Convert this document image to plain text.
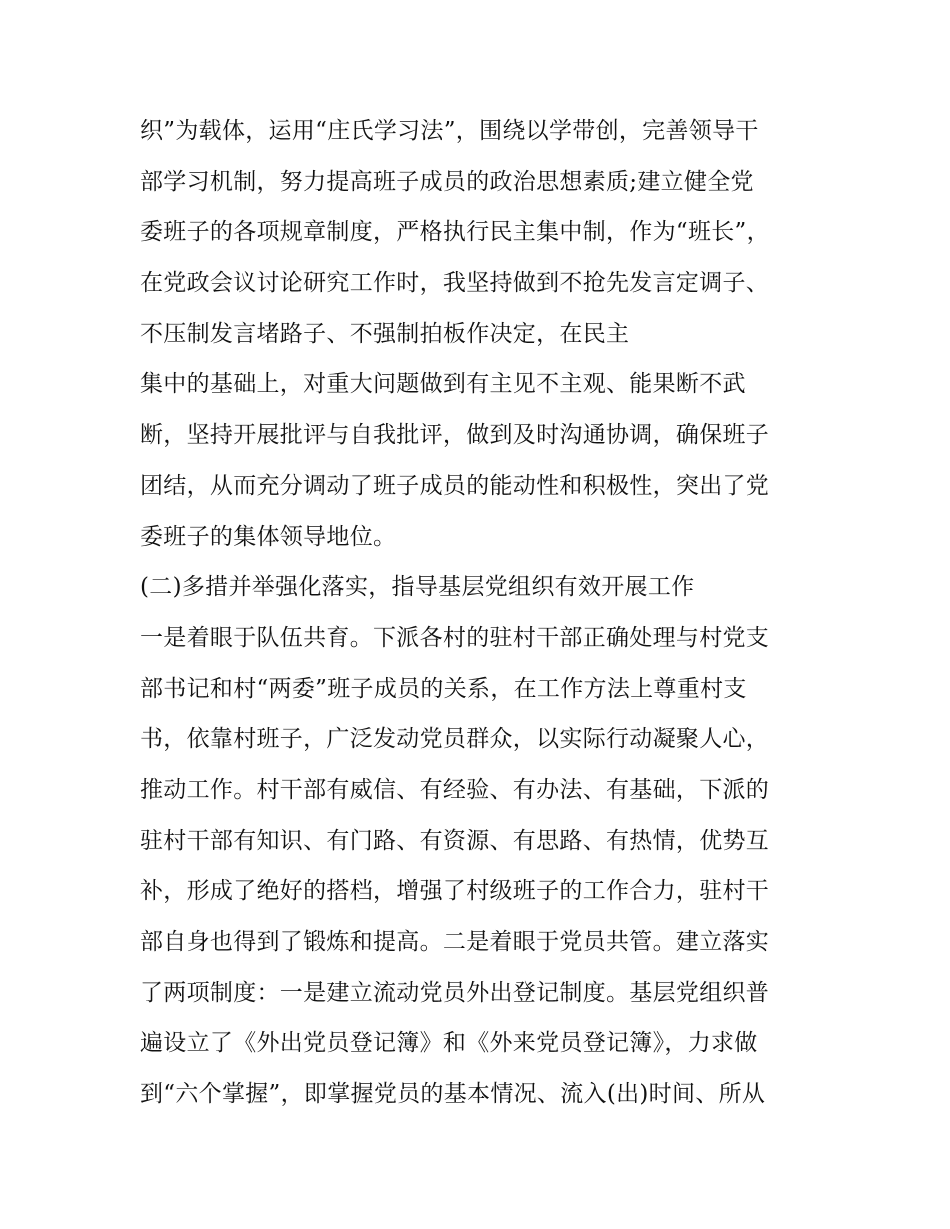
织”为载体，运用“庄氏学习法”，围绕以学带创，完善领导干
部学习机制，努力提高班子成员的政治思想素质;建立健全党
委班子的各项规章制度，严格执行民主集中制，作为“班长”，
在党政会议讨论研究工作时，我坚持做到不抢先发言定调子、
不压制发言堵路子、不强制拍板作决定，在民主
集中的基础上，对重大问题做到有主见不主观、能果断不武
断，坚持开展批评与自我批评，做到及时沟通协调，确保班子
团结，从而充分调动了班子成员的能动性和积极性，突出了党
委班子的集体领导地位。
(二)多措并举强化落实，指导基层党组织有效开展工作
一是着眼于队伍共育。下派各村的驻村干部正确处理与村党支
部书记和村“两委”班子成员的关系，在工作方法上尊重村支
书，依靠村班子，广泛发动党员群众，以实际行动凝聚人心，
推动工作。村干部有威信、有经验、有办法、有基础，下派的
驻村干部有知识、有门路、有资源、有思路、有热情，优势互
补，形成了绝好的搭档，增强了村级班子的工作合力，驻村干
部自身也得到了锻炼和提高。二是着眼于党员共管。建立落实
了两项制度：一是建立流动党员外出登记制度。基层党组织普
遍设立了《外出党员登记簿》和《外来党员登记簿》，力求做
到“六个掌握”，即掌握党员的基本情况、流入(出)时间、所从
